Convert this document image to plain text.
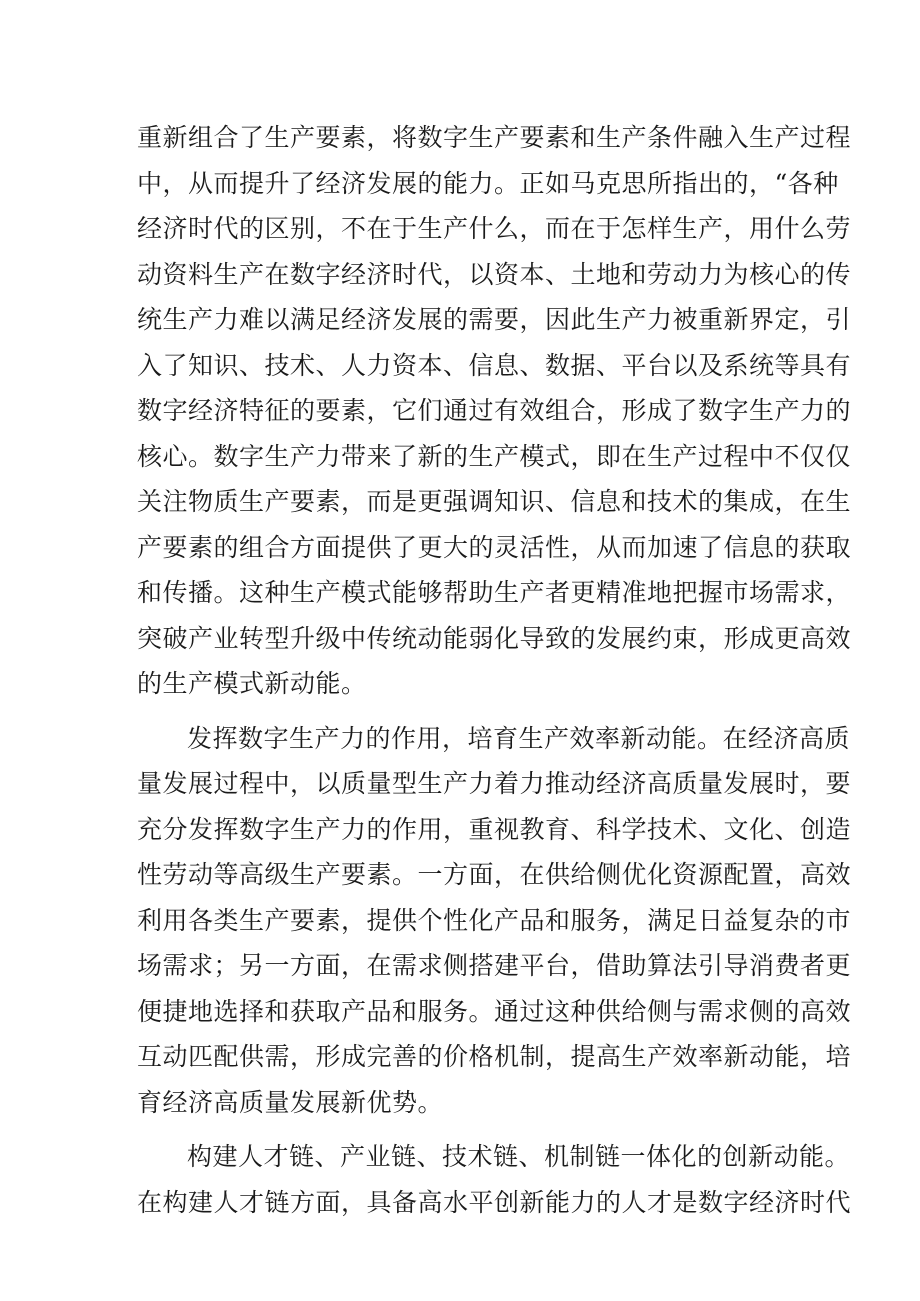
重新组合了生产要素，将数字生产要素和生产条件融入生产过程
中，从而提升了经济发展的能力。正如马克思所指出的，“各种
经济时代的区别，不在于生产什么，而在于怎样生产，用什么劳
动资料生产在数字经济时代，以资本、土地和劳动力为核心的传
统生产力难以满足经济发展的需要，因此生产力被重新界定，引
入了知识、技术、人力资本、信息、数据、平台以及系统等具有
数字经济特征的要素，它们通过有效组合，形成了数字生产力的
核心。数字生产力带来了新的生产模式，即在生产过程中不仅仅
关注物质生产要素，而是更强调知识、信息和技术的集成，在生
产要素的组合方面提供了更大的灵活性，从而加速了信息的获取
和传播。这种生产模式能够帮助生产者更精准地把握市场需求，
突破产业转型升级中传统动能弱化导致的发展约束，形成更高效
的生产模式新动能。
发挥数字生产力的作用，培育生产效率新动能。在经济高质
量发展过程中，以质量型生产力着力推动经济高质量发展时，要
充分发挥数字生产力的作用，重视教育、科学技术、文化、创造
性劳动等高级生产要素。一方面，在供给侧优化资源配置，高效
利用各类生产要素，提供个性化产品和服务，满足日益复杂的市
场需求；另一方面，在需求侧搭建平台，借助算法引导消费者更
便捷地选择和获取产品和服务。通过这种供给侧与需求侧的高效
互动匹配供需，形成完善的价格机制，提高生产效率新动能，培
育经济高质量发展新优势。
构建人才链、产业链、技术链、机制链一体化的创新动能。
在构建人才链方面，具备高水平创新能力的人才是数字经济时代
